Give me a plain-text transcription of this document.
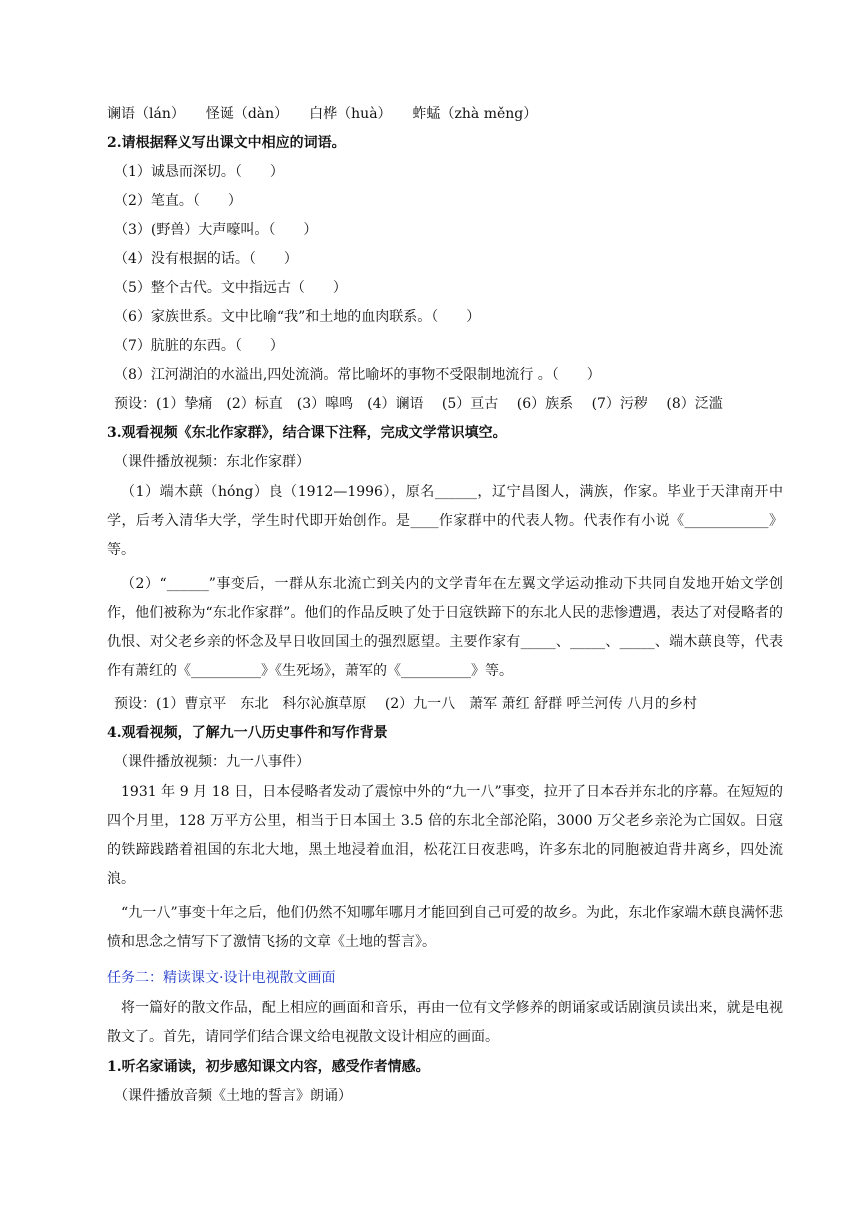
谰语（lán）　　怪诞（dàn）　　白桦（huà）　　蚱蜢（zhà měng）
2.请根据释义写出课文中相应的词语。
（1）诚恳而深切。（　　）
（2）笔直。（　　）
（3）(野兽）大声嚎叫。（　　）
（4）没有根据的话。（　　）
（5）整个古代。文中指远古（　　）
（6）家族世系。文中比喻“我”和土地的血肉联系。（　　）
（7）肮脏的东西。（　　）
（8）江河湖泊的水溢出,四处流淌。常比喻坏的事物不受限制地流行 。（　　）
预设：(1）挚痛　(2）标直　(3）嗥鸣　(4）谰语　 (5）亘古　 (6）族系　 (7）污秽　 (8）泛滥
3.观看视频《东北作家群》，结合课下注释，完成文学常识填空。
（课件播放视频：东北作家群）
（1）端木蕻（hóng）良（1912—1996），原名______，辽宁昌图人，满族，作家。毕业于天津南开中学，后考入清华大学，学生时代即开始创作。是____作家群中的代表人物。代表作有小说《____________》等。
（2）“______”事变后，一群从东北流亡到关内的文学青年在左翼文学运动推动下共同自发地开始文学创作，他们被称为“东北作家群”。他们的作品反映了处于日寇铁蹄下的东北人民的悲惨遭遇，表达了对侵略者的仇恨、对父老乡亲的怀念及早日收回国土的强烈愿望。主要作家有_____、_____、_____、端木蕻良等，代表作有萧红的《__________》《生死场》，萧军的《__________》等。
预设：(1）曹京平　东北　科尔沁旗草原　 (2）九一八　萧军 萧红 舒群 呼兰河传 八月的乡村
4.观看视频，了解九一八历史事件和写作背景
（课件播放视频：九一八事件）
1931 年 9 月 18 日，日本侵略者发动了震惊中外的“九一八”事变，拉开了日本吞并东北的序幕。在短短的四个月里，128 万平方公里，相当于日本国土 3.5 倍的东北全部沦陷，3000 万父老乡亲沦为亡国奴。日寇的铁蹄践踏着祖国的东北大地，黑土地浸着血泪，松花江日夜悲鸣，许多东北的同胞被迫背井离乡，四处流浪。
“九一八”事变十年之后，他们仍然不知哪年哪月才能回到自己可爱的故乡。为此，东北作家端木蕻良满怀悲愤和思念之情写下了激情飞扬的文章《土地的誓言》。
任务二：精读课文·设计电视散文画面
将一篇好的散文作品，配上相应的画面和音乐，再由一位有文学修养的朗诵家或话剧演员读出来，就是电视散文了。首先，请同学们结合课文给电视散文设计相应的画面。
1.听名家诵读，初步感知课文内容，感受作者情感。
（课件播放音频《土地的誓言》朗诵）
